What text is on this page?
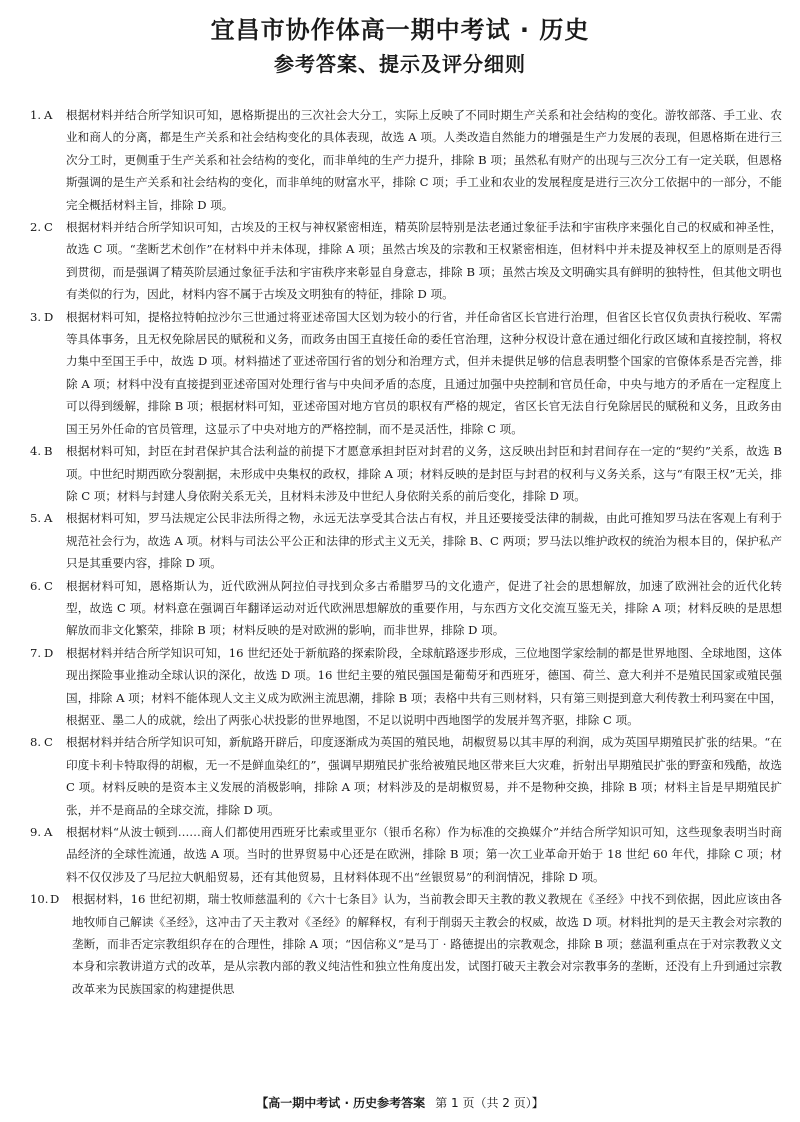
宜昌市协作体高一期中考试 · 历史
参考答案、提示及评分细则
1. A	根据材料并结合所学知识可知，恩格斯提出的三次社会大分工，实际上反映了不同时期生产关系和社会结构的变化。游牧部落、手工业、农业和商人的分离，都是生产关系和社会结构变化的具体表现，故选 A 项。人类改造自然能力的增强是生产力发展的表现，但恩格斯在进行三次分工时，更侧重于生产关系和社会结构的变化，而非单纯的生产力提升，排除 B 项；虽然私有财产的出现与三次分工有一定关联，但恩格斯强调的是生产关系和社会结构的变化，而非单纯的财富水平，排除 C 项；手工业和农业的发展程度是进行三次分工依据中的一部分，不能完全概括材料主旨，排除 D 项。
2. C	根据材料并结合所学知识可知，古埃及的王权与神权紧密相连，精英阶层特别是法老通过象征手法和宇宙秩序来强化自己的权威和神圣性，故选 C 项。“垄断艺术创作”在材料中并未体现，排除 A 项；虽然古埃及的宗教和王权紧密相连，但材料中并未提及神权至上的原则是否得到贯彻，而是强调了精英阶层通过象征手法和宇宙秩序来彰显自身意志，排除 B 项；虽然古埃及文明确实具有鲜明的独特性，但其他文明也有类似的行为，因此，材料内容不属于古埃及文明独有的特征，排除 D 项。
3. D	根据材料可知，提格拉特帕拉沙尔三世通过将亚述帝国大区划为较小的行省，并任命省区长官进行治理，但省区长官仅负责执行税收、军需等具体事务，且无权免除居民的赋税和义务，而政务由国王直接任命的委任官治理，这种分权设计意在通过细化行政区域和直接控制，将权力集中至国王手中，故选 D 项。材料描述了亚述帝国行省的划分和治理方式，但并未提供足够的信息表明整个国家的官僚体系是否完善，排除 A 项；材料中没有直接提到亚述帝国对处理行省与中央间矛盾的态度，且通过加强中央控制和官员任命，中央与地方的矛盾在一定程度上可以得到缓解，排除 B 项；根据材料可知，亚述帝国对地方官员的职权有严格的规定，省区长官无法自行免除居民的赋税和义务，且政务由国王另外任命的官员管理，这显示了中央对地方的严格控制，而不是灵活性，排除 C 项。
4. B	根据材料可知，封臣在封君保护其合法利益的前提下才愿意承担封臣对封君的义务，这反映出封臣和封君间存在一定的“契约”关系，故选 B 项。中世纪时期西欧分裂割据，未形成中央集权的政权，排除 A 项；材料反映的是封臣与封君的权利与义务关系，这与“有限王权”无关，排除 C 项；材料与封建人身依附关系无关，且材料未涉及中世纪人身依附关系的前后变化，排除 D 项。
5. A	根据材料可知，罗马法规定公民非法所得之物，永远无法享受其合法占有权，并且还要接受法律的制裁，由此可推知罗马法在客观上有利于规范社会行为，故选 A 项。材料与司法公平公正和法律的形式主义无关，排除 B、C 两项；罗马法以维护政权的统治为根本目的，保护私产只是其重要内容，排除 D 项。
6. C	根据材料可知，恩格斯认为，近代欧洲从阿拉伯寻找到众多古希腊罗马的文化遗产，促进了社会的思想解放，加速了欧洲社会的近代化转型，故选 C 项。材料意在强调百年翻译运动对近代欧洲思想解放的重要作用，与东西方文化交流互鉴无关，排除 A 项；材料反映的是思想解放而非文化繁荣，排除 B 项；材料反映的是对欧洲的影响，而非世界，排除 D 项。
7. D	根据材料并结合所学知识可知，16 世纪还处于新航路的探索阶段，全球航路逐步形成，三位地图学家绘制的都是世界地图、全球地图，这体现出探险事业推动全球认识的深化，故选 D 项。16 世纪主要的殖民强国是葡萄牙和西班牙，德国、荷兰、意大利并不是殖民国家或殖民强国，排除 A 项；材料不能体现人文主义成为欧洲主流思潮，排除 B 项；表格中共有三则材料，只有第三则提到意大利传教士利玛窦在中国，根据亚、墨二人的成就，绘出了两张心状投影的世界地图，不足以说明中西地图学的发展并驾齐驱，排除 C 项。
8. C	根据材料并结合所学知识可知，新航路开辟后，印度逐渐成为英国的殖民地，胡椒贸易以其丰厚的利润，成为英国早期殖民扩张的结果。“在印度卡利卡特取得的胡椒，无一不是鲜血染红的”，强调早期殖民扩张给被殖民地区带来巨大灾难，折射出早期殖民扩张的野蛮和残酷，故选 C 项。材料反映的是资本主义发展的消极影响，排除 A 项；材料涉及的是胡椒贸易，并不是物种交换，排除 B 项；材料主旨是早期殖民扩张，并不是商品的全球交流，排除 D 项。
9. A	根据材料“从波士顿到……商人们都使用西班牙比索或里亚尔（银币名称）作为标准的交换媒介”并结合所学知识可知，这些现象表明当时商品经济的全球性流通，故选 A 项。当时的世界贸易中心还是在欧洲，排除 B 项；第一次工业革命开始于 18 世纪 60 年代，排除 C 项；材料不仅仅涉及了马尼拉大帆船贸易，还有其他贸易，且材料体现不出“丝银贸易”的利润情况，排除 D 项。
10. D	根据材料，16 世纪初期，瑞士牧师慈温利的《六十七条目》认为，当前教会即天主教的教义教规在《圣经》中找不到依据，因此应该由各地牧师自己解读《圣经》，这冲击了天主教对《圣经》的解释权，有利于削弱天主教会的权威，故选 D 项。材料批判的是天主教会对宗教的垄断，而非否定宗教组织存在的合理性，排除 A 项；“因信称义”是马丁 · 路德提出的宗教观念，排除 B 项；慈温利重点在于对宗教教义文本身和宗教讲道方式的改革，是从宗教内部的教义纯洁性和独立性角度出发，试图打破天主教会对宗教事务的垄断，还没有上升到通过宗教改革来为民族国家的构建提供思
【高一期中考试 · 历史参考答案 第 1 页（共 2 页）】
